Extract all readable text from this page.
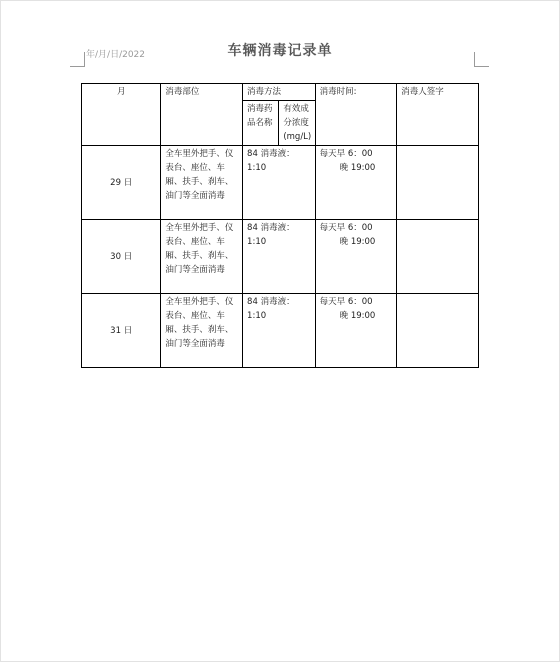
年/月/日/2022	车辆消毒记录单
月	消毒部位	消毒方法		消毒时间:	消毒人签字
		消毒药品名称	有效成分浓度(mg/L)		
29 日	全车里外把手、仪表台、座位、车厢、扶手、刹车、油门等全面消毒	84 消毒液：1:10		每天早 6：00
晚 19:00	

30 日	全车里外把手、仪表台、座位、车厢、扶手、刹车、油门等全面消毒	84 消毒液：1:10		每天早 6：00
晚 19:00	

31 日	全车里外把手、仪表台、座位、车厢、扶手、刹车、油门等全面消毒	84 消毒液：1:10		每天早 6：00
晚 19:00	
